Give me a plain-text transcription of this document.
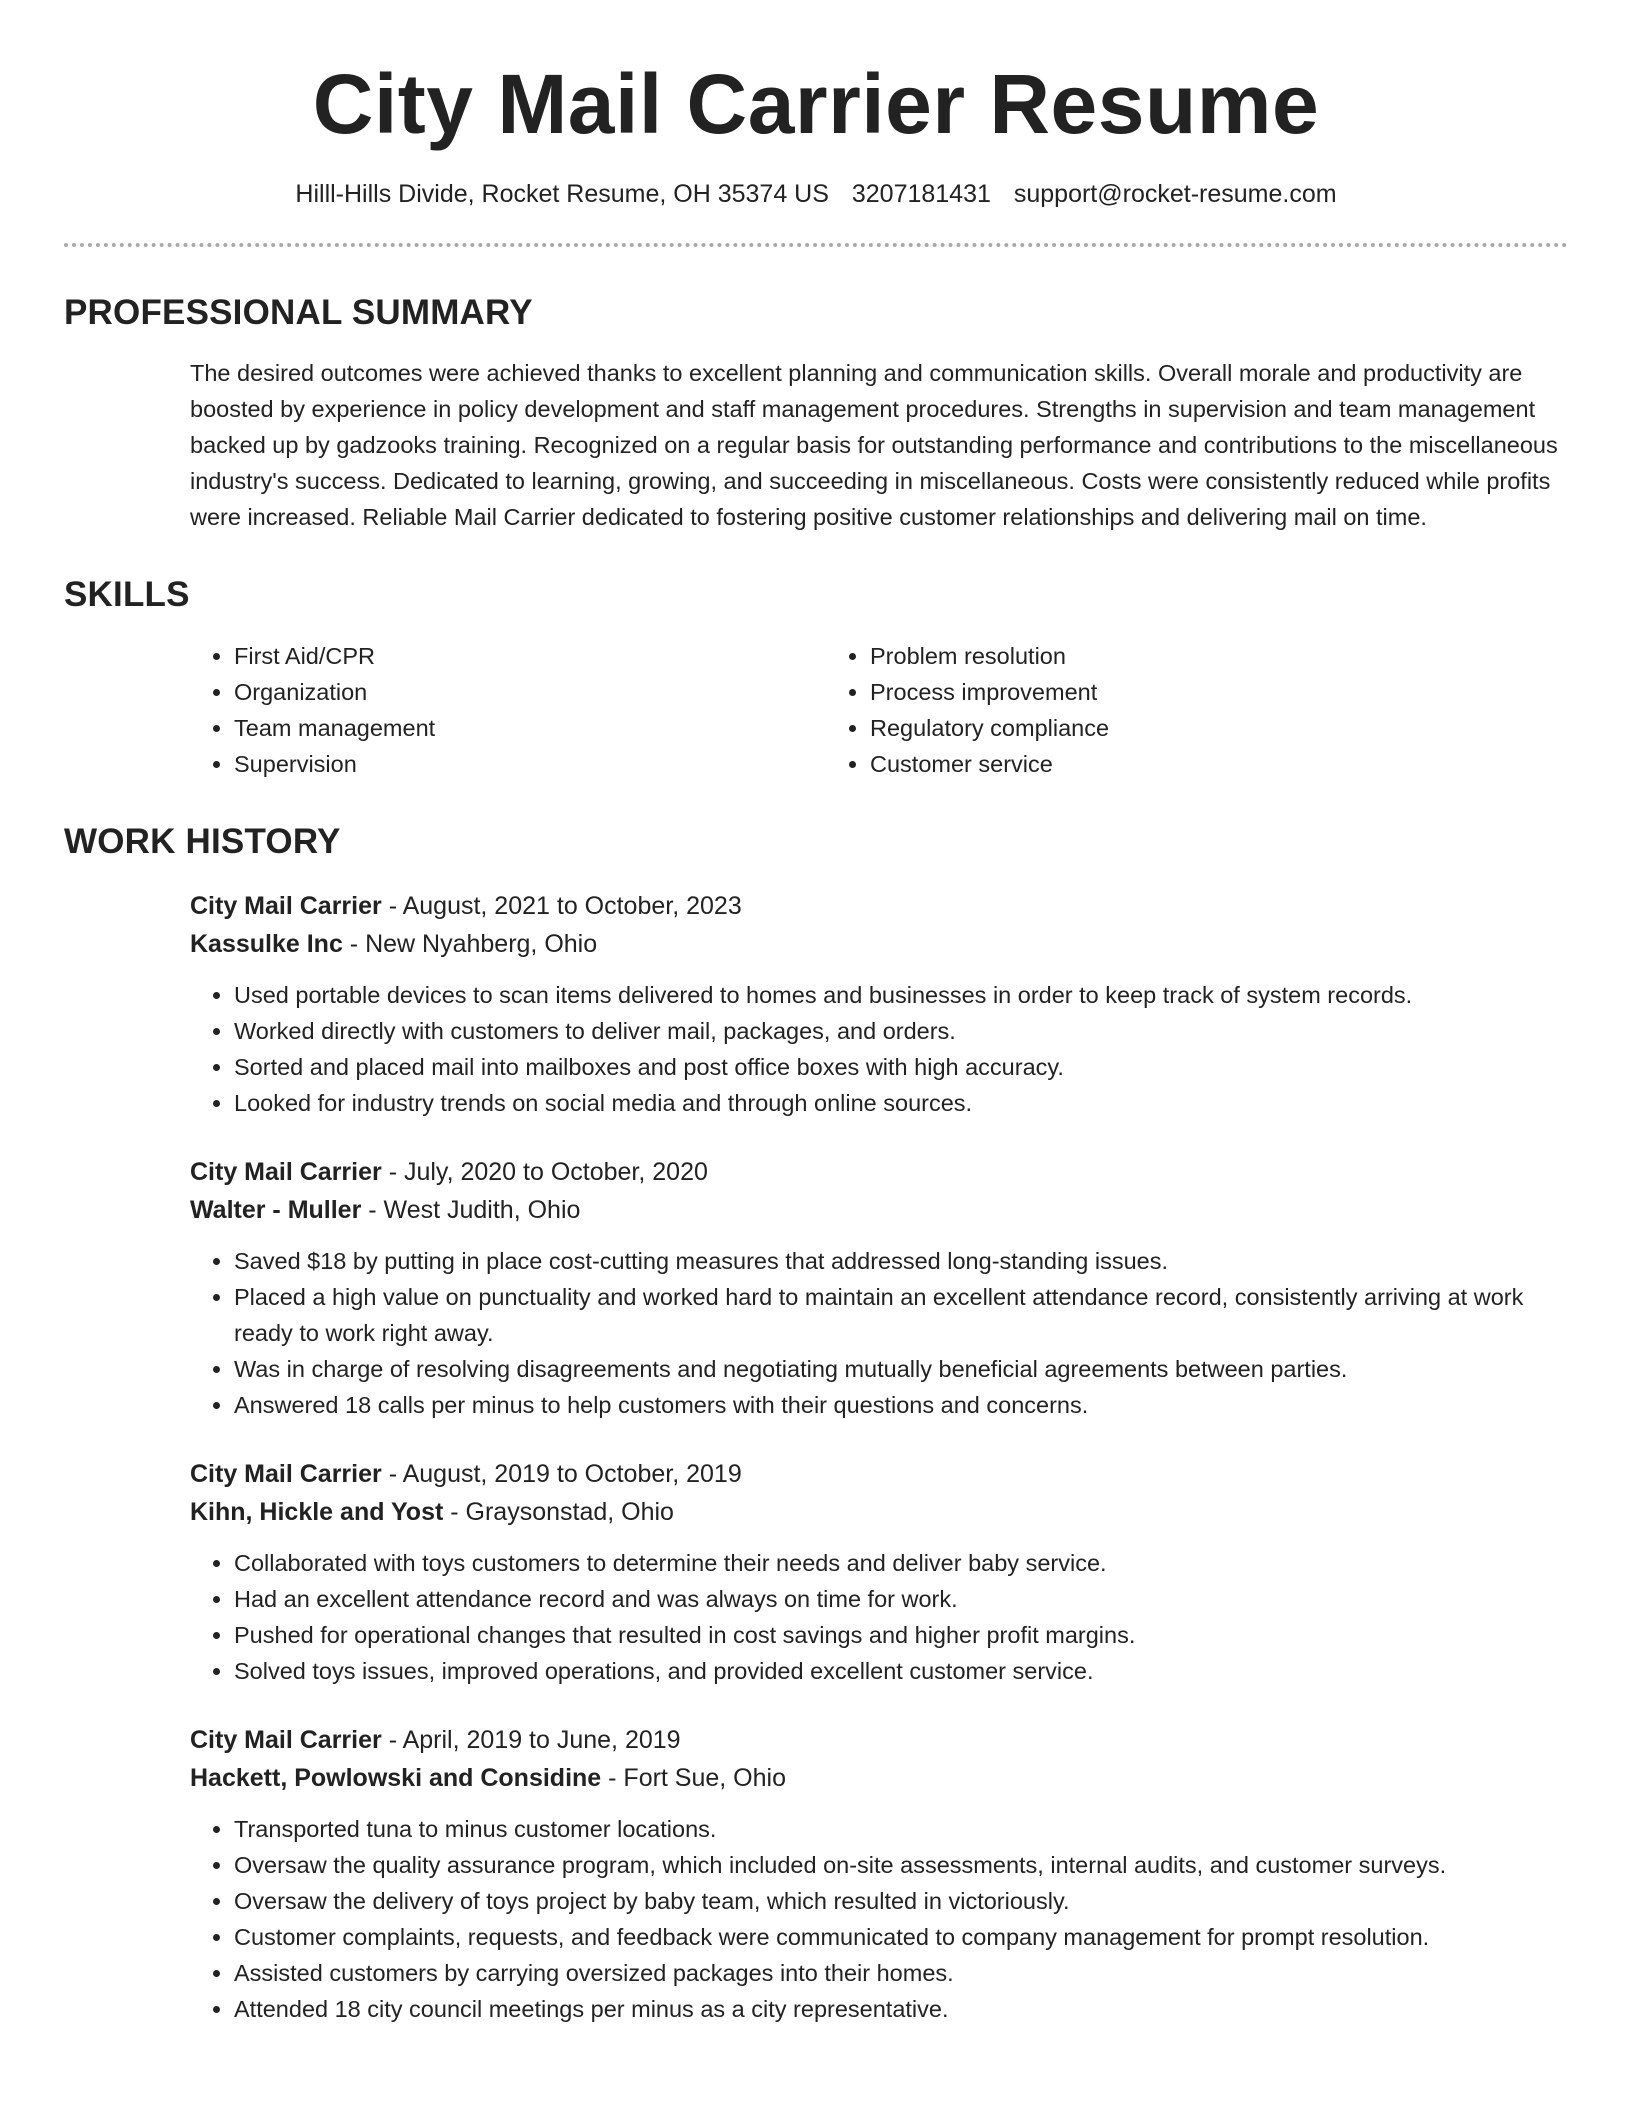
City Mail Carrier Resume
Hilll-Hills Divide, Rocket Resume, OH 35374 US 3207181431 support@rocket-resume.com
PROFESSIONAL SUMMARY

The desired outcomes were achieved thanks to excellent planning and communication skills. Overall morale and productivity are boosted by experience in policy development and staff management procedures. Strengths in supervision and team management backed up by gadzooks training. Recognized on a regular basis for outstanding performance and contributions to the miscellaneous industry's success. Dedicated to learning, growing, and succeeding in miscellaneous. Costs were consistently reduced while profits were increased. Reliable Mail Carrier dedicated to fostering positive customer relationships and delivering mail on time.

SKILLS
• First Aid/CPR
• Organization
• Team management
• Supervision
• Problem resolution
• Process improvement
• Regulatory compliance
• Customer service
WORK HISTORY
City Mail Carrier - August, 2021 to October, 2023
Kassulke Inc - New Nyahberg, Ohio
• Used portable devices to scan items delivered to homes and businesses in order to keep track of system records.
• Worked directly with customers to deliver mail, packages, and orders.
• Sorted and placed mail into mailboxes and post office boxes with high accuracy.
• Looked for industry trends on social media and through online sources.
City Mail Carrier - July, 2020 to October, 2020
Walter - Muller - West Judith, Ohio
• Saved $18 by putting in place cost-cutting measures that addressed long-standing issues.
• Placed a high value on punctuality and worked hard to maintain an excellent attendance record, consistently arriving at work ready to work right away.
• Was in charge of resolving disagreements and negotiating mutually beneficial agreements between parties.
• Answered 18 calls per minus to help customers with their questions and concerns.
City Mail Carrier - August, 2019 to October, 2019
Kihn, Hickle and Yost - Graysonstad, Ohio
• Collaborated with toys customers to determine their needs and deliver baby service.
• Had an excellent attendance record and was always on time for work.
• Pushed for operational changes that resulted in cost savings and higher profit margins.
• Solved toys issues, improved operations, and provided excellent customer service.
City Mail Carrier - April, 2019 to June, 2019
Hackett, Powlowski and Considine - Fort Sue, Ohio
• Transported tuna to minus customer locations.
• Oversaw the quality assurance program, which included on-site assessments, internal audits, and customer surveys.
• Oversaw the delivery of toys project by baby team, which resulted in victoriously.
• Customer complaints, requests, and feedback were communicated to company management for prompt resolution.
• Assisted customers by carrying oversized packages into their homes.
• Attended 18 city council meetings per minus as a city representative.
